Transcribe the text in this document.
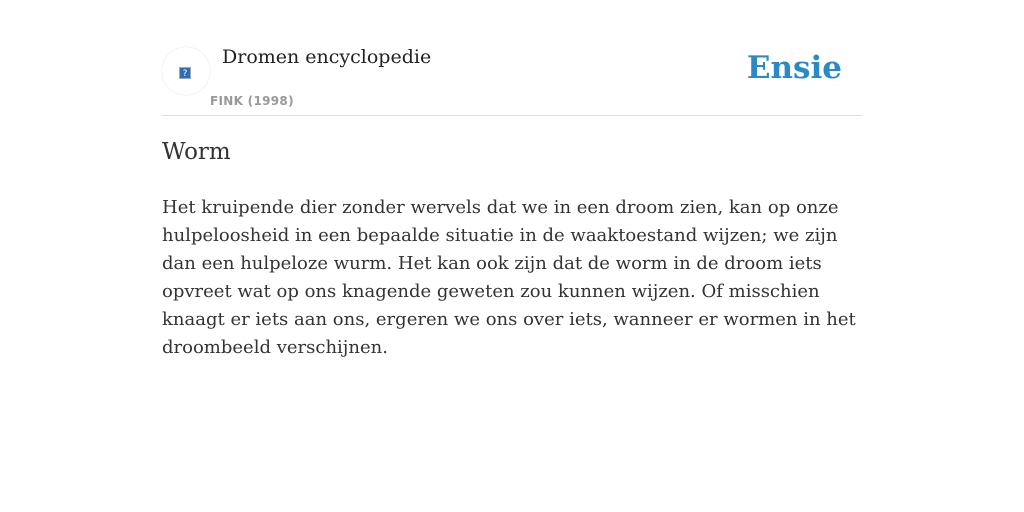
?
Dromen encyclopedie
FINK (1998)
Ensie
Worm

Het kruipende dier zonder wervels dat we in een droom zien, kan op onze hulpeloosheid in een bepaalde situatie in de waaktoestand wijzen; we zijn dan een hulpeloze wurm. Het kan ook zijn dat de worm in de droom iets opvreet wat op ons knagende geweten zou kunnen wijzen. Of misschien knaagt er iets aan ons, ergeren we ons over iets, wanneer er wormen in het droombeeld verschijnen.
